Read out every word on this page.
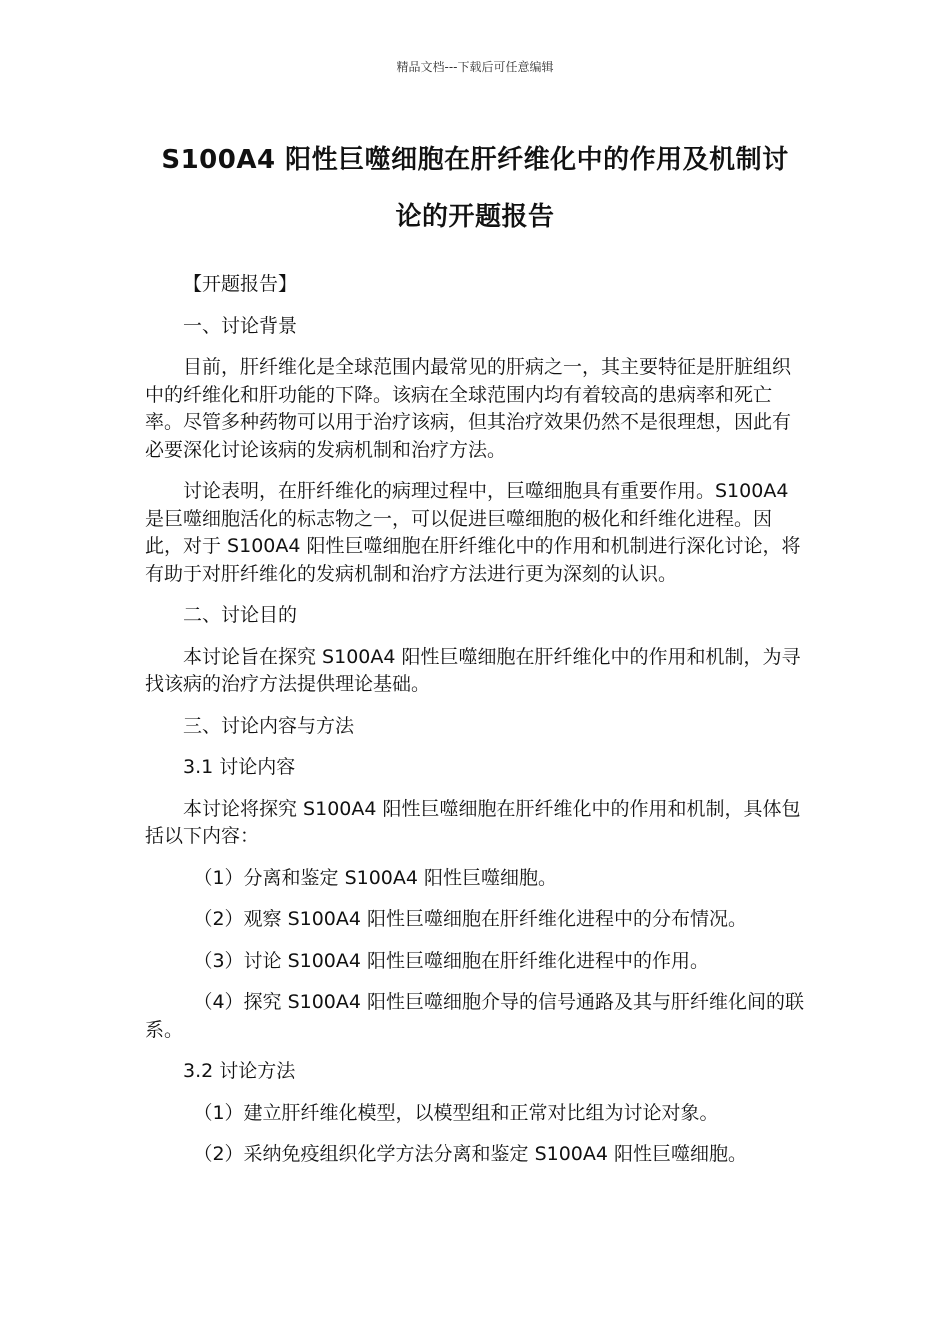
精品文档---下载后可任意编辑
S100A4 阳性巨噬细胞在肝纤维化中的作用及机制讨
论的开题报告

【开题报告】

一、讨论背景

目前，肝纤维化是全球范围内最常见的肝病之一，其主要特征是肝脏组织中的纤维化和肝功能的下降。该病在全球范围内均有着较高的患病率和死亡率。尽管多种药物可以用于治疗该病，但其治疗效果仍然不是很理想，因此有必要深化讨论该病的发病机制和治疗方法。

讨论表明，在肝纤维化的病理过程中，巨噬细胞具有重要作用。S100A4 是巨噬细胞活化的标志物之一，可以促进巨噬细胞的极化和纤维化进程。因此，对于 S100A4 阳性巨噬细胞在肝纤维化中的作用和机制进行深化讨论，将有助于对肝纤维化的发病机制和治疗方法进行更为深刻的认识。

二、讨论目的

本讨论旨在探究 S100A4 阳性巨噬细胞在肝纤维化中的作用和机制，为寻找该病的治疗方法提供理论基础。

三、讨论内容与方法

3.1 讨论内容

本讨论将探究 S100A4 阳性巨噬细胞在肝纤维化中的作用和机制，具体包括以下内容：

（1）分离和鉴定 S100A4 阳性巨噬细胞。

（2）观察 S100A4 阳性巨噬细胞在肝纤维化进程中的分布情况。

（3）讨论 S100A4 阳性巨噬细胞在肝纤维化进程中的作用。

（4）探究 S100A4 阳性巨噬细胞介导的信号通路及其与肝纤维化间的联系。

3.2 讨论方法

（1）建立肝纤维化模型，以模型组和正常对比组为讨论对象。

（2）采纳免疫组织化学方法分离和鉴定 S100A4 阳性巨噬细胞。
